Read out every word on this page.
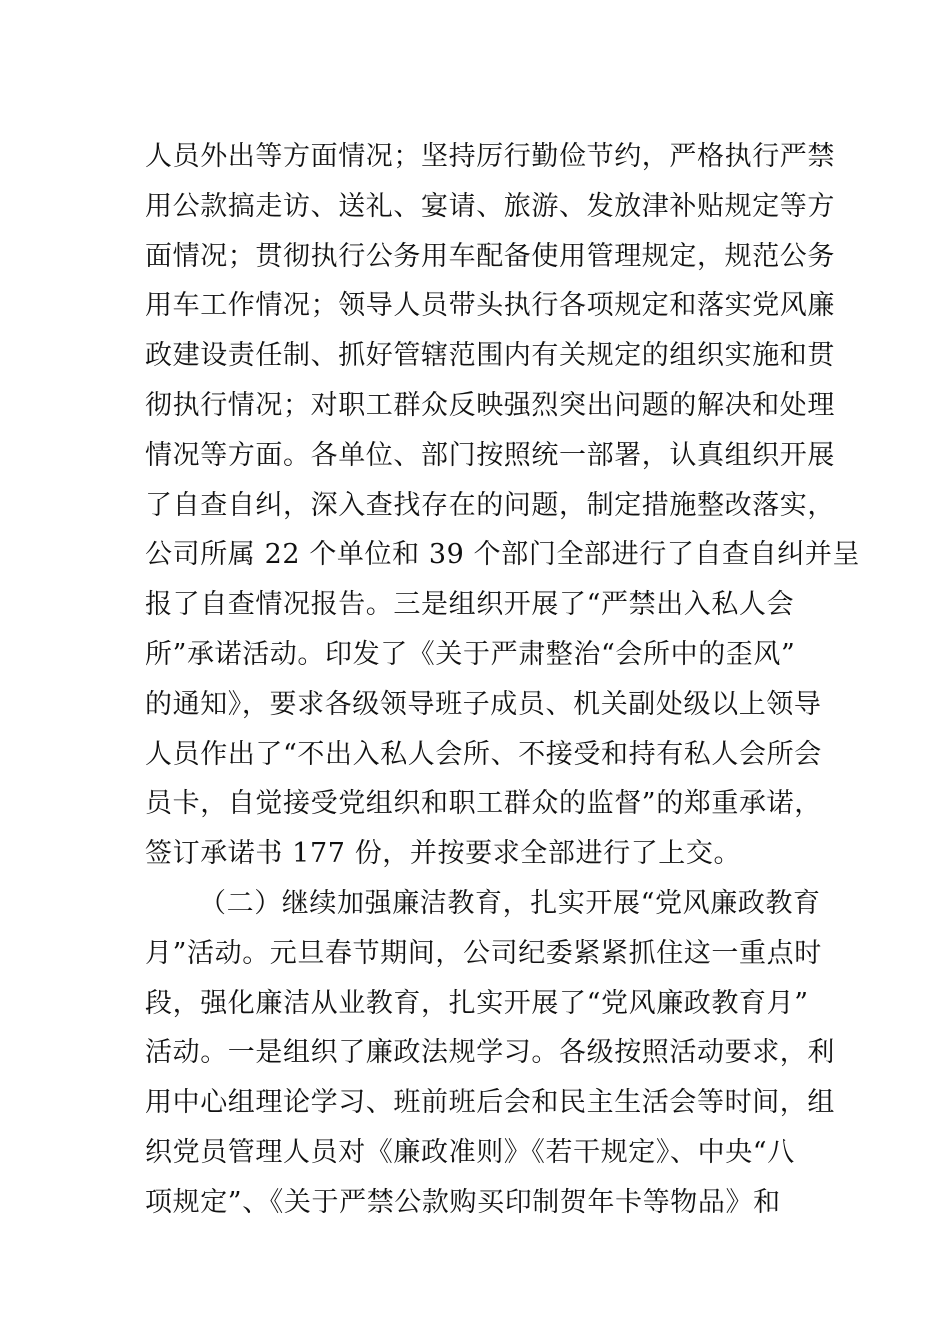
人员外出等方面情况；坚持厉行勤俭节约，严格执行严禁
用公款搞走访、送礼、宴请、旅游、发放津补贴规定等方
面情况；贯彻执行公务用车配备使用管理规定，规范公务
用车工作情况；领导人员带头执行各项规定和落实党风廉
政建设责任制、抓好管辖范围内有关规定的组织实施和贯
彻执行情况；对职工群众反映强烈突出问题的解决和处理
情况等方面。各单位、部门按照统一部署，认真组织开展
了自查自纠，深入查找存在的问题，制定措施整改落实，
公司所属 22 个单位和 39 个部门全部进行了自查自纠并呈
报了自查情况报告。三是组织开展了“严禁出入私人会
所”承诺活动。印发了《关于严肃整治“会所中的歪风”
的通知》，要求各级领导班子成员、机关副处级以上领导
人员作出了“不出入私人会所、不接受和持有私人会所会
员卡，自觉接受党组织和职工群众的监督”的郑重承诺，
签订承诺书 177 份，并按要求全部进行了上交。
（二）继续加强廉洁教育，扎实开展“党风廉政教育
月”活动。元旦春节期间，公司纪委紧紧抓住这一重点时
段，强化廉洁从业教育，扎实开展了“党风廉政教育月”
活动。一是组织了廉政法规学习。各级按照活动要求，利
用中心组理论学习、班前班后会和民主生活会等时间，组
织党员管理人员对《廉政准则》《若干规定》、中央“八
项规定”、《关于严禁公款购买印制贺年卡等物品》和
